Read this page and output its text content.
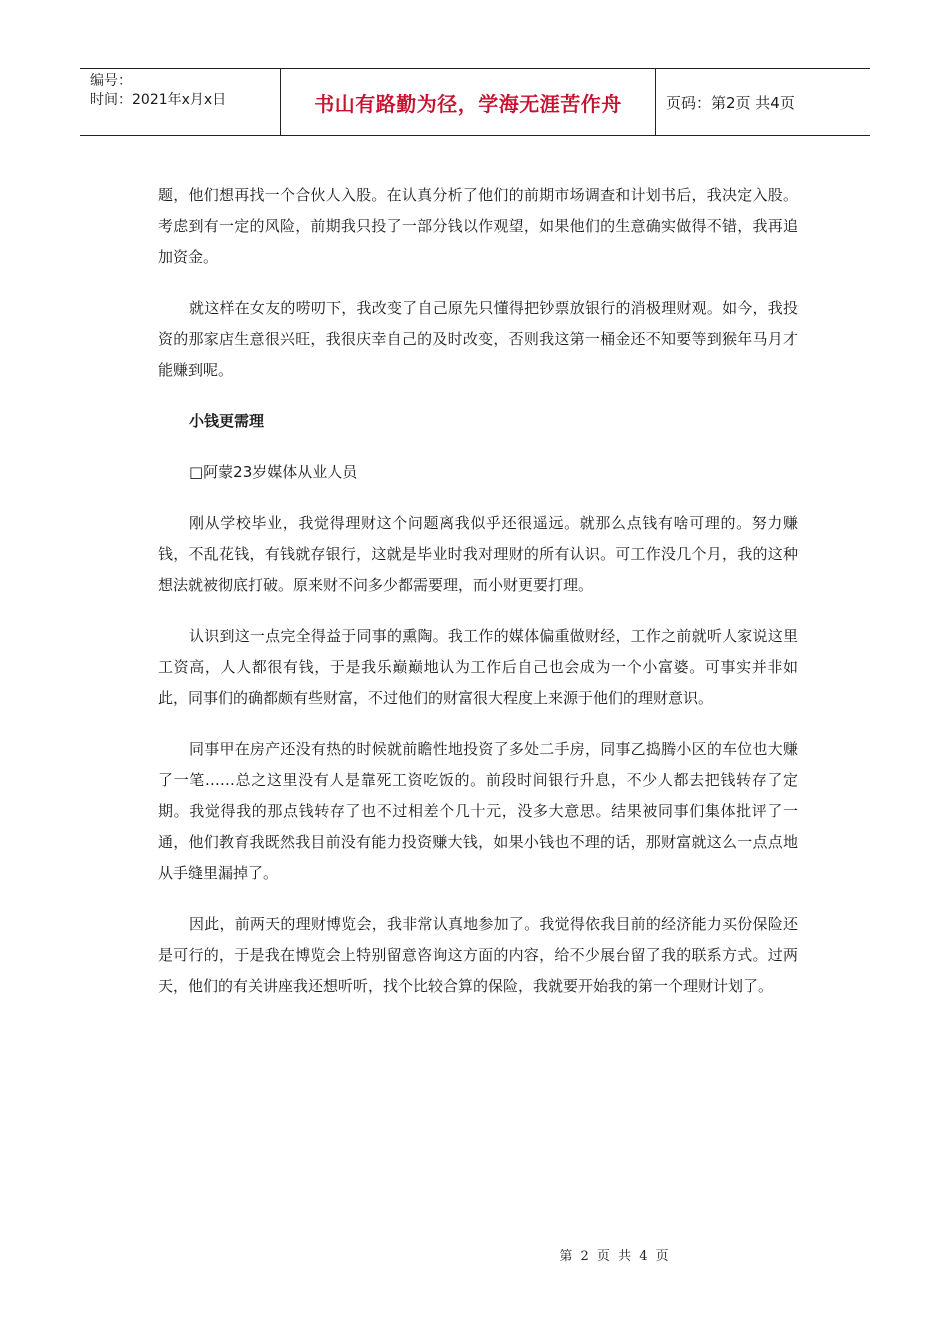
编号：
时间：2021年x月x日	书山有路勤为径，学海无涯苦作舟	页码：第2页 共4页

题，他们想再找一个合伙人入股。在认真分析了他们的前期市场调查和计划书后，我决定入股。考虑到有一定的风险，前期我只投了一部分钱以作观望，如果他们的生意确实做得不错，我再追加资金。

就这样在女友的唠叨下，我改变了自己原先只懂得把钞票放银行的消极理财观。如今，我投资的那家店生意很兴旺，我很庆幸自己的及时改变，否则我这第一桶金还不知要等到猴年马月才能赚到呢。

小钱更需理

□阿蒙23岁媒体从业人员

刚从学校毕业，我觉得理财这个问题离我似乎还很遥远。就那么点钱有啥可理的。努力赚钱，不乱花钱，有钱就存银行，这就是毕业时我对理财的所有认识。可工作没几个月，我的这种想法就被彻底打破。原来财不问多少都需要理，而小财更要打理。

认识到这一点完全得益于同事的熏陶。我工作的媒体偏重做财经，工作之前就听人家说这里工资高，人人都很有钱，于是我乐巅巅地认为工作后自己也会成为一个小富婆。可事实并非如此，同事们的确都颇有些财富，不过他们的财富很大程度上来源于他们的理财意识。

同事甲在房产还没有热的时候就前瞻性地投资了多处二手房，同事乙捣腾小区的车位也大赚了一笔……总之这里没有人是靠死工资吃饭的。前段时间银行升息，不少人都去把钱转存了定期。我觉得我的那点钱转存了也不过相差个几十元，没多大意思。结果被同事们集体批评了一通，他们教育我既然我目前没有能力投资赚大钱，如果小钱也不理的话，那财富就这么一点点地从手缝里漏掉了。

因此，前两天的理财博览会，我非常认真地参加了。我觉得依我目前的经济能力买份保险还是可行的，于是我在博览会上特别留意咨询这方面的内容，给不少展台留了我的联系方式。过两天，他们的有关讲座我还想听听，找个比较合算的保险，我就要开始我的第一个理财计划了。

第 2 页 共 4 页
